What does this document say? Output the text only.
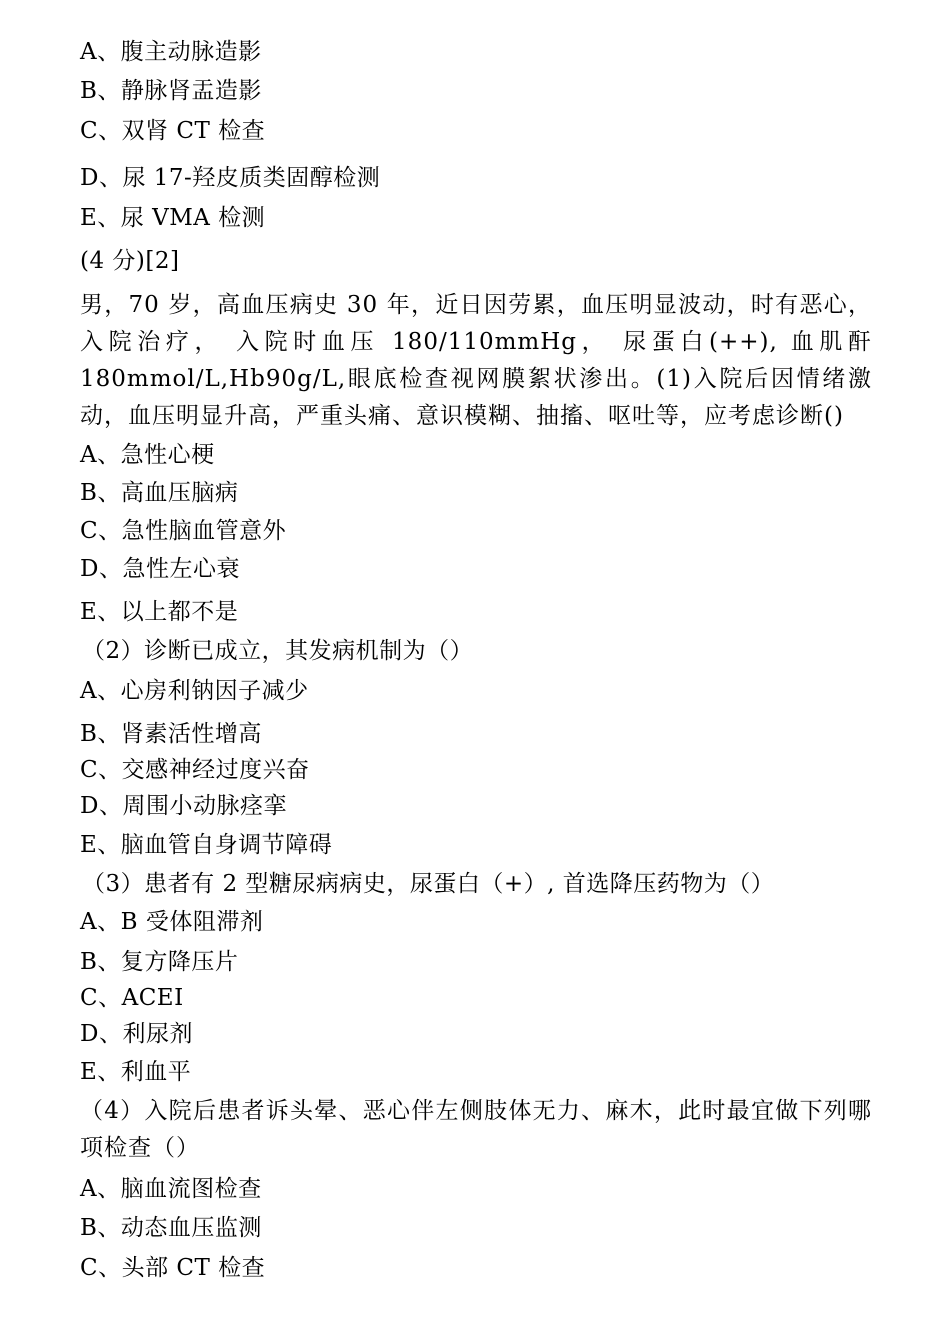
A、腹主动脉造影
B、静脉肾盂造影
C、双肾 CT 检查
D、尿 17-羟皮质类固醇检测
E、尿 VMA 检测
(4 分)[2]
男，70 岁，高血压病史 30 年，近日因劳累，血压明显波动，时有恶心，入院治疗， 入院时血压 180/110mmHg， 尿蛋白(++), 血肌酐 180mmol/L,Hb90g/L,眼底检查视网膜絮状渗出。(1)入院后因情绪激动，血压明显升高，严重头痛、意识模糊、抽搐、呕吐等，应考虑诊断()
A、急性心梗
B、高血压脑病
C、急性脑血管意外
D、急性左心衰
E、以上都不是
（2）诊断已成立，其发病机制为（）
A、心房利钠因子减少
B、肾素活性增高
C、交感神经过度兴奋
D、周围小动脉痉挛
E、脑血管自身调节障碍
（3）患者有 2 型糖尿病病史，尿蛋白（+）, 首选降压药物为（）
A、Β 受体阻滞剂
B、复方降压片
C、ACEI
D、利尿剂
E、利血平
（4）入院后患者诉头晕、恶心伴左侧肢体无力、麻木，此时最宜做下列哪项检查（）
A、脑血流图检查
B、动态血压监测
C、头部 CT 检查
